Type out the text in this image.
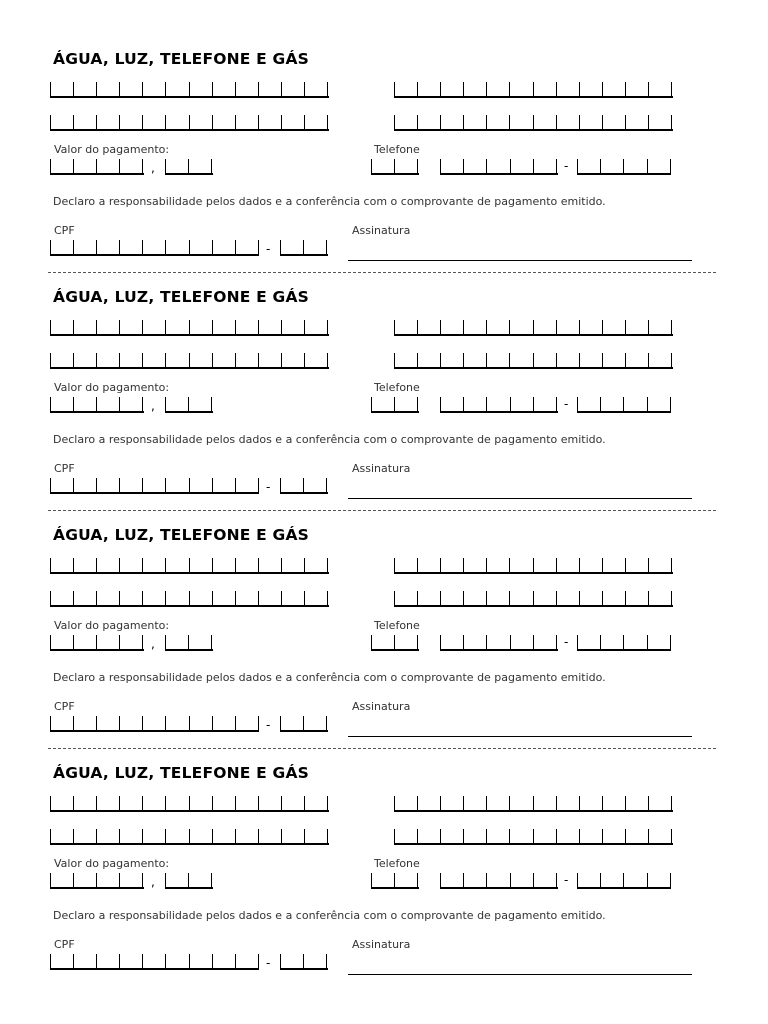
ÁGUA, LUZ, TELEFONE E GÁS
Valor do pagamento:
,
Telefone
-
Declaro a responsabilidade pelos dados e a conferência com o comprovante de pagamento emitido.
CPF
-
Assinatura
ÁGUA, LUZ, TELEFONE E GÁS
Valor do pagamento:
,
Telefone
-
Declaro a responsabilidade pelos dados e a conferência com o comprovante de pagamento emitido.
CPF
-
Assinatura
ÁGUA, LUZ, TELEFONE E GÁS
Valor do pagamento:
,
Telefone
-
Declaro a responsabilidade pelos dados e a conferência com o comprovante de pagamento emitido.
CPF
-
Assinatura
ÁGUA, LUZ, TELEFONE E GÁS
Valor do pagamento:
,
Telefone
-
Declaro a responsabilidade pelos dados e a conferência com o comprovante de pagamento emitido.
CPF
-
Assinatura
